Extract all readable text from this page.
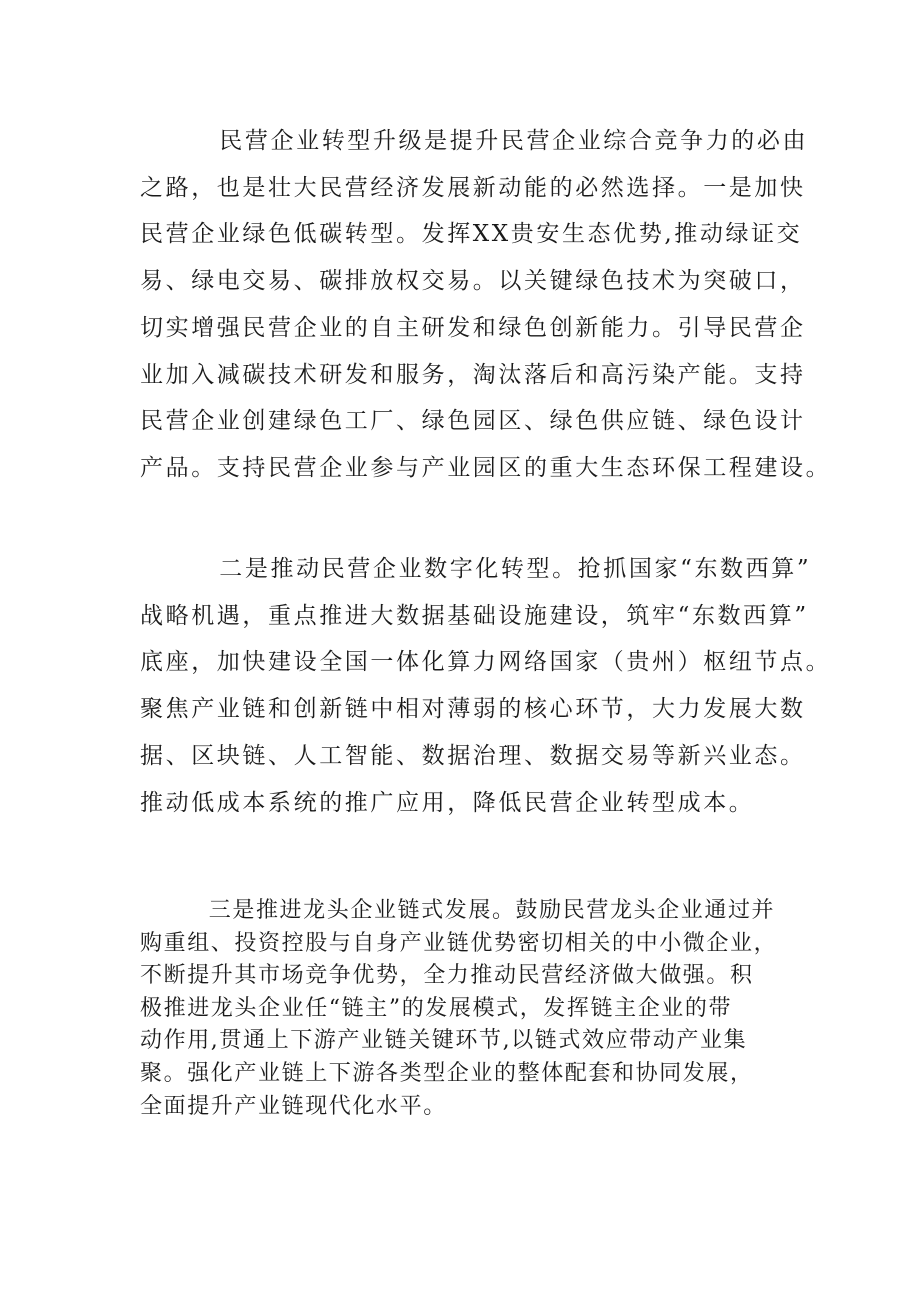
民营企业转型升级是提升民营企业综合竞争力的必由
之路，也是壮大民营经济发展新动能的必然选择。一是加快
民营企业绿色低碳转型。发挥XX贵安生态优势,推动绿证交
易、绿电交易、碳排放权交易。以关键绿色技术为突破口，
切实增强民营企业的自主研发和绿色创新能力。引导民营企
业加入减碳技术研发和服务，淘汰落后和高污染产能。支持
民营企业创建绿色工厂、绿色园区、绿色供应链、绿色设计
产品。支持民营企业参与产业园区的重大生态环保工程建设。

二是推动民营企业数字化转型。抢抓国家“东数西算”
战略机遇，重点推进大数据基础设施建设，筑牢“东数西算”
底座，加快建设全国一体化算力网络国家（贵州）枢纽节点。
聚焦产业链和创新链中相对薄弱的核心环节，大力发展大数
据、区块链、人工智能、数据治理、数据交易等新兴业态。
推动低成本系统的推广应用，降低民营企业转型成本。

三是推进龙头企业链式发展。鼓励民营龙头企业通过并
购重组、投资控股与自身产业链优势密切相关的中小微企业，
不断提升其市场竞争优势，全力推动民营经济做大做强。积
极推进龙头企业任“链主”的发展模式，发挥链主企业的带
动作用,贯通上下游产业链关键环节,以链式效应带动产业集
聚。强化产业链上下游各类型企业的整体配套和协同发展，
全面提升产业链现代化水平。
